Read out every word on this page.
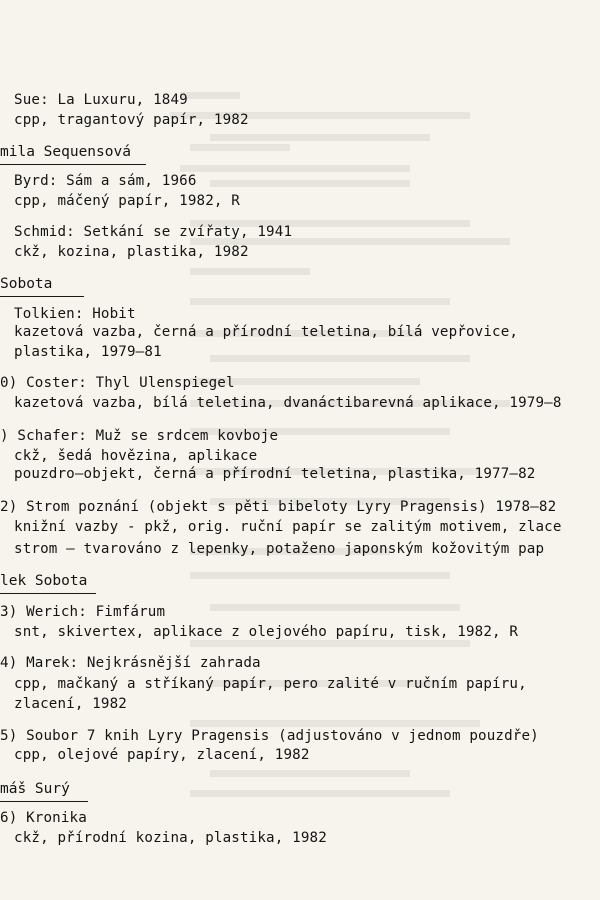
Sue: La Luxuru, 1849
cpp, tragantový papír, 1982
mila Sequensová
Byrd: Sám a sám, 1966
cpp, máčený papír, 1982, R
Schmid: Setkání se zvířaty, 1941
ckž, kozina, plastika, 1982
Sobota
Tolkien: Hobit
kazetová vazba, černá a přírodní teletina, bílá vepřovice,
plastika, 1979–81
0) Coster: Thyl Ulenspiegel
kazetová vazba, bílá teletina, dvanáctibarevná aplikace, 1979–8
) Schafer: Muž se srdcem kovboje
ckž, šedá hovězina, aplikace
pouzdro–objekt, černá a přírodní teletina, plastika, 1977–82
2) Strom poznání (objekt s pěti bibeloty Lyry Pragensis) 1978–82
knižní vazby - pkž, orig. ruční papír se zalitým motivem, zlace
strom – tvarováno z lepenky, potaženo japonským kožovitým pap
lek Sobota
3) Werich: Fimfárum
snt, skivertex, aplikace z olejového papíru, tisk, 1982, R
4) Marek: Nejkrásnější zahrada
cpp, mačkaný a stříkaný papír, pero zalité v ručním papíru,
zlacení, 1982
5) Soubor 7 knih Lyry Pragensis (adjustováno v jednom pouzdře)
cpp, olejové papíry, zlacení, 1982
máš Surý
6) Kronika
ckž, přírodní kozina, plastika, 1982
